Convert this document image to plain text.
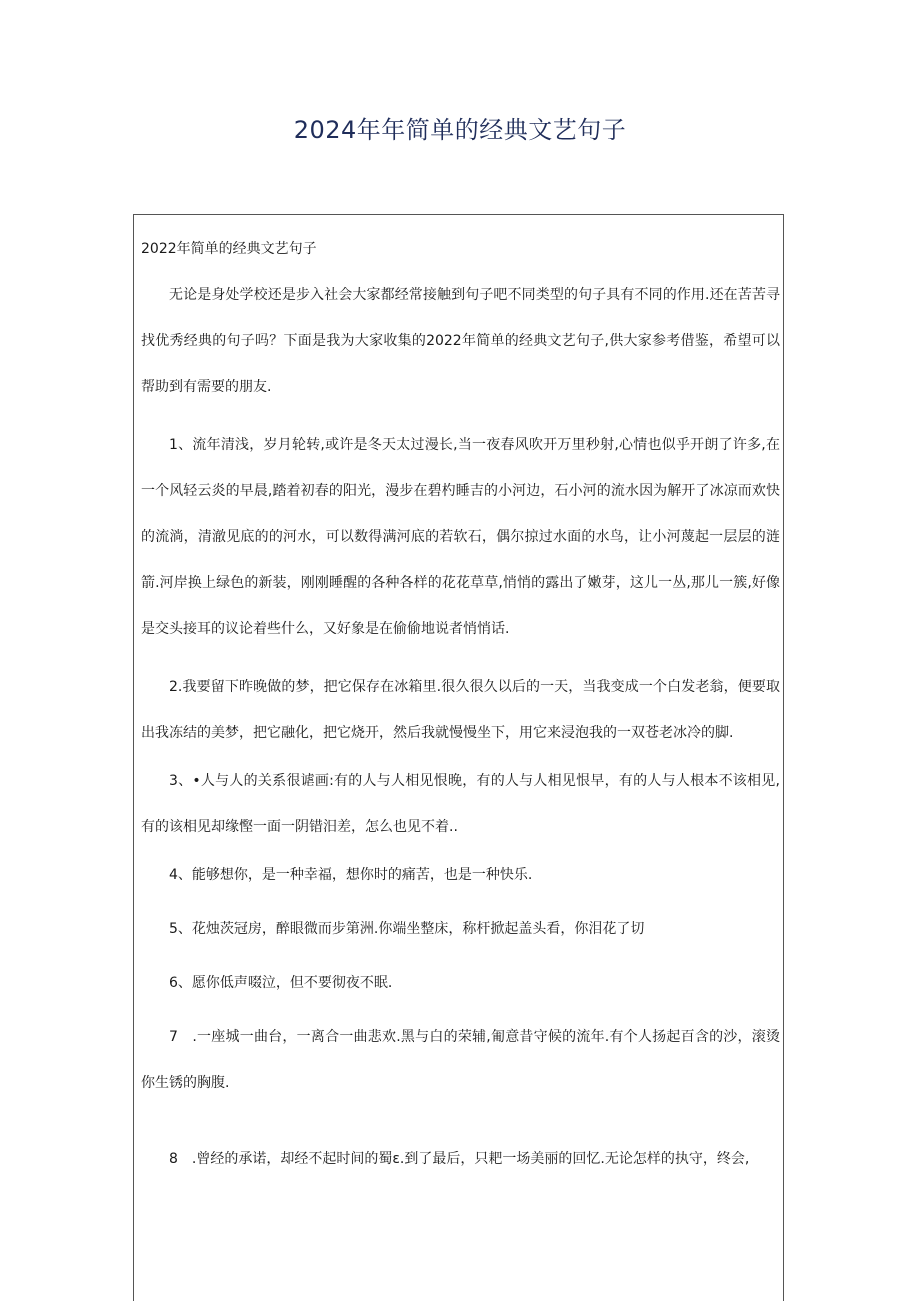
2024年年简单的经典文艺句子
2022年简单的经典文艺句子

无论是身处学校还是步入社会大家都经常接触到句子吧不同类型的句子具有不同的作用.还在苦苦寻找优秀经典的句子吗？下面是我为大家收集的2022年简单的经典文艺句子,供大家参考借鉴，希望可以帮助到有需要的朋友.

1、流年清浅，岁月轮转,或许是冬天太过漫长,当一夜春风吹开万里秒射,心情也似乎开朗了许多,在一个风轻云炎的早晨,踏着初春的阳光，漫步在碧杓睡吉的小河边，石小河的流水因为解开了冰凉而欢快的流淌，清澈见底的的河水，可以数得满河底的若软石，偶尔掠过水面的水鸟，让小河蔑起一层层的涟箭.河岸换上绿色的新装，刚刚睡醒的各种各样的花花草草,悄悄的露出了嫩芽，这儿一丛,那儿一簇,好像是交头接耳的议论着些什么，又好象是在偷偷地说者悄悄话.

2.我要留下昨晚做的梦，把它保存在冰箱里.很久很久以后的一天，当我变成一个白发老翁，便要取出我冻结的美梦，把它融化，把它烧开，然后我就慢慢坐下，用它来浸泡我的一双苍老冰冷的脚.

3、•人与人的关系很谑画:有的人与人相见恨晚，有的人与人相见恨早，有的人与人根本不该相见,有的该相见却缘慳一面一阴错汨差，怎么也见不着..

4、能够想你，是一种幸福，想你时的痛苦，也是一种快乐.

5、花烛茨冠房，醉眼微而步第洲.你端坐整床，称杆掀起盖头看，你泪花了切

6、愿你低声啜泣，但不要彻夜不眠.

7　.一座城一曲台，一离合一曲悲欢.黑与白的荣辅,匍意昔守候的流年.有个人扬起百含的沙，滚烫你生锈的胸腹.

8　.曾经的承诺，却经不起时间的蜀ε.到了最后，只耙一场美丽的回忆.无论怎样的执守，终会,
